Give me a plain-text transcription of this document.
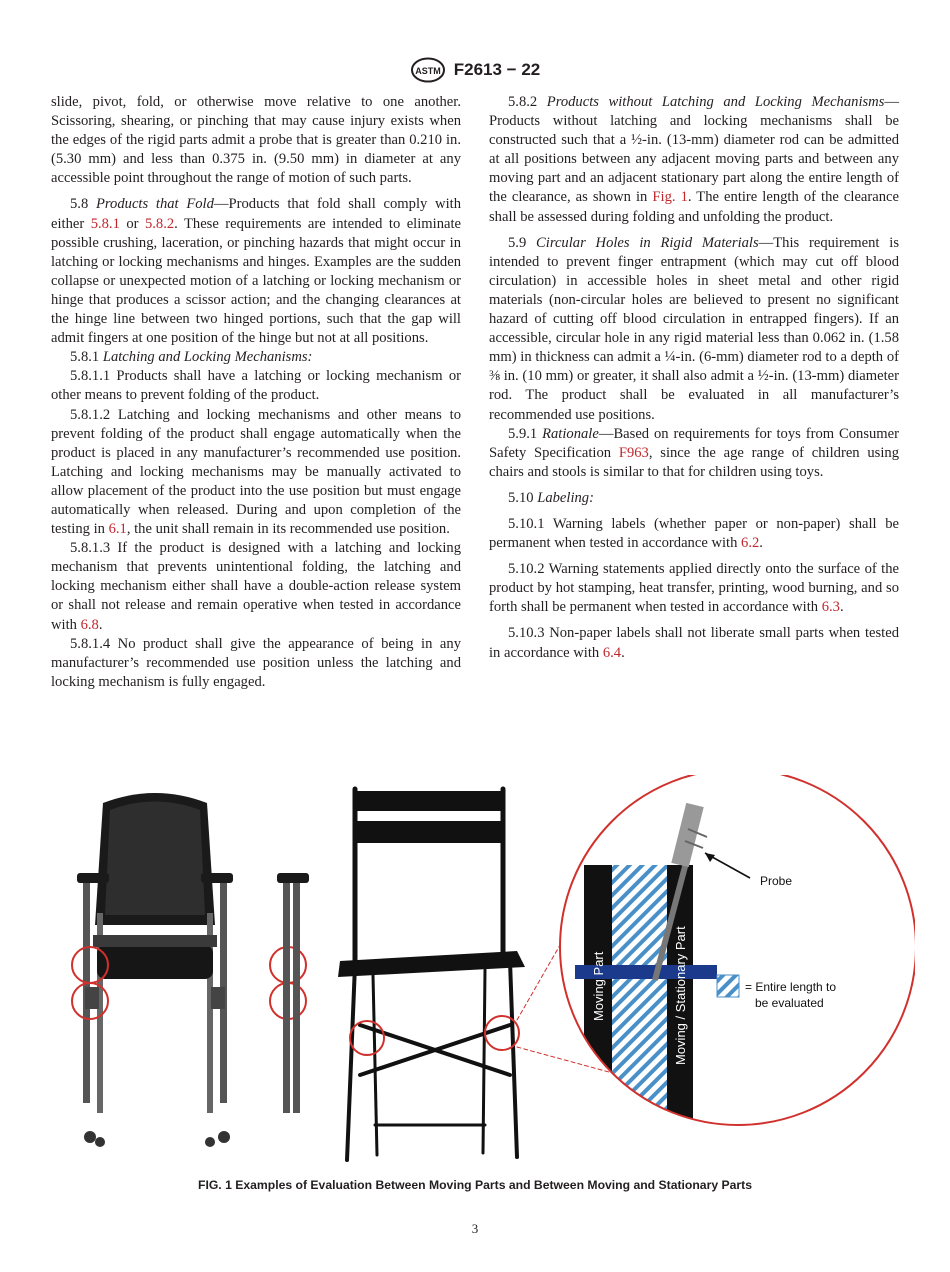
ASTM F2613 − 22

slide, pivot, fold, or otherwise move relative to one another. Scissoring, shearing, or pinching that may cause injury exists when the edges of the rigid parts admit a probe that is greater than 0.210 in. (5.30 mm) and less than 0.375 in. (9.50 mm) in diameter at any accessible point throughout the range of motion of such parts.

5.8 Products that Fold—Products that fold shall comply with either 5.8.1 or 5.8.2. These requirements are intended to eliminate possible crushing, laceration, or pinching hazards that might occur in latching or locking mechanisms and hinges. Examples are the sudden collapse or unexpected motion of a latching or locking mechanism or hinge that produces a scissor action; and the changing clearances at the hinge line between two hinged portions, such that the gap will admit fingers at one position of the hinge but not at all positions.

5.8.1 Latching and Locking Mechanisms:

5.8.1.1 Products shall have a latching or locking mechanism or other means to prevent folding of the product.

5.8.1.2 Latching and locking mechanisms and other means to prevent folding of the product shall engage automatically when the product is placed in any manufacturer’s recommended use position. Latching and locking mechanisms may be manually activated to allow placement of the product into the use position but must engage automatically when released. During and upon completion of the testing in 6.1, the unit shall remain in its recommended use position.

5.8.1.3 If the product is designed with a latching and locking mechanism that prevents unintentional folding, the latching and locking mechanism either shall have a double-action release system or shall not release and remain operative when tested in accordance with 6.8.

5.8.1.4 No product shall give the appearance of being in any manufacturer’s recommended use position unless the latching and locking mechanism is fully engaged.

5.8.2 Products without Latching and Locking Mechanisms—Products without latching and locking mechanisms shall be constructed such that a ½-in. (13-mm) diameter rod can be admitted at all positions between any adjacent moving parts and between any moving part and an adjacent stationary part along the entire length of the clearance, as shown in Fig. 1. The entire length of the clearance shall be assessed during folding and unfolding the product.

5.9 Circular Holes in Rigid Materials—This requirement is intended to prevent finger entrapment (which may cut off blood circulation) in accessible holes in sheet metal and other rigid materials (non-circular holes are believed to present no significant hazard of cutting off blood circulation in entrapped fingers). If an accessible, circular hole in any rigid material less than 0.062 in. (1.58 mm) in thickness can admit a ¼-in. (6-mm) diameter rod to a depth of ⅜ in. (10 mm) or greater, it shall also admit a ½-in. (13-mm) diameter rod. The product shall be evaluated in all manufacturer’s recommended use positions.

5.9.1 Rationale—Based on requirements for toys from Consumer Safety Specification F963, since the age range of children using chairs and stools is similar to that for children using toys.

5.10 Labeling:

5.10.1 Warning labels (whether paper or non-paper) shall be permanent when tested in accordance with 6.2.

5.10.2 Warning statements applied directly onto the surface of the product by hot stamping, heat transfer, printing, wood burning, and so forth shall be permanent when tested in accordance with 6.3.

5.10.3 Non-paper labels shall not liberate small parts when tested in accordance with 6.4.

Probe
Moving Part	Moving / Stationary Part	= Entire length to
be evaluated
FIG. 1 Examples of Evaluation Between Moving Parts and Between Moving and Stationary Parts
3
